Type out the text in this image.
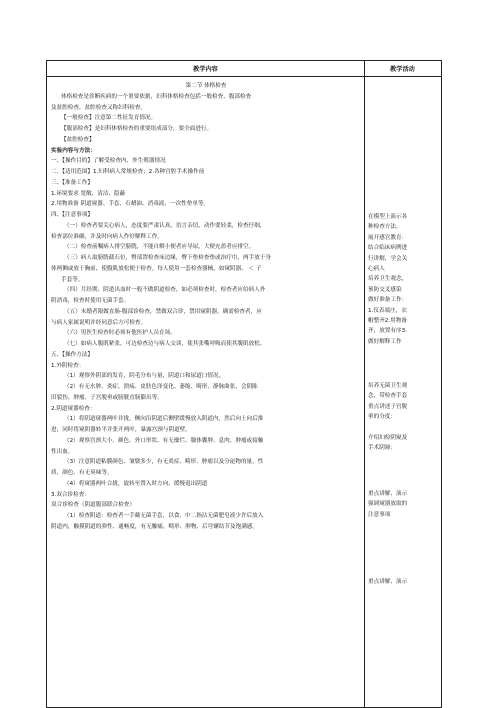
教学内容	教学活动
第二节 体格检查
体格检查是诊断疾病的一个重要依据，妇科体格检查包括一般检查、腹部检查
及盆腔检查，盆腔检查又称妇科检查。
【一般检查】注意第二性征发育情况。
【腹部检查】是妇科体格检查的重要组成部分，要全面进行。
【盆腔检查】
实验内容与方法：
一、【操作目的】了解受检查内、外生殖器情况
二、【适用范围】1.妇科病人常规检查；2.各种宫腔手术操作前
三、【准备工作】
1.环境要求 宽敞、清洁、隐蔽
2.用物准备 阴道窥器、手套、石蜡油、消毒液、一次性垫单等。
四、【注意事项】
（一）检查者要关心病人，态度要严肃认真，语言亲切，动作要轻柔，检查仔细，
检查部位准确，并及时向病人作好解释工作。
（二）检查前嘱病人排空膀胱，不能自解小便者应导尿，大便充盈者应排空。
（三）病人取膀胱截石位，臀部置检查床边缘，臀下垫检查垫或治疗巾，两手放于身
体两侧或放于胸前，使腹肌放松便于检查。每人使用一套检查器械，如窥阴器、 ＜ 子
手套等。
（四）月经期、阴道出血时一般不做阴道检查，如必须检查时，检查者应给病人外
阴消毒，检查时使用无菌手套。
（五）未婚者限做直肠-腹部诊检查，禁做双合诊，禁用窥阴器，确需检查者，应
与病人家属说明并经同意后方可检查。
（六）男医生检查时必须有他医护人员在场。
（七）如病人腹肌紧张，可边检查边与病人交谈，使其张嘴呼吸而使其腹肌放松。
五、【操作方法】
1.外阴检查：
（1）观察外阴部的发育，阴毛分布与量，阴道口和尿道口情况。
（2）有无水肿、炎症、溃疡、皮肤色泽变化、萎缩、畸形、静脉曲张、会阴陈
旧裂伤、肿瘤、子宫脱垂或膀胱直肠膨出等。
2.阴道窥器检查：
（1）将阴道窥器两叶并拢，侧向沿阴道后侧壁缓慢放入阴道内，然后向上向后推
进，同时将窥阴器转平并张开两叶，暴露宫颈与阴道壁。
（2）观察宫颈大小、颜色、外口形状、有无糜烂、腺体囊肿、息肉、肿瘤或接触
性出血。
（3）注意阴道粘膜颜色、皱襞多少，有无炎症、畸形、肿瘤以及分泌物的量、性
质、颜色、有无臭味等。
（4）将窥器两叶合拢，旋转至置入时方向，缓慢退出阴道
3.双合诊检查：
双合诊检查（阴道腹部联合检查）
（1）检查阴道：检查者一手戴无菌手套，以食、中二指沾无菌肥皂液少许后放入
阴道内，触摸阴道的弹性、通畅度，有无触痛，畸形、肿物、后穹窿结节及饱满感。
在模型上演示各
种检查方法，
展开感官教育：
结合临床病例进
行讲解，学会关
心病人
培养卫生观念，
预防交叉感染
做好准备工作：
1.仪表端庄，衣
帽整齐2.用物备
齐，放置有序3.
做好解释工作
培养无菌卫生观
念，带检查手套
重点讲述子宫脱
垂的分度：
介绍妇检阴窥及
手术阴窥：
重点讲解、演示
强调窥器放取的
注意事项
重点讲解、演示
